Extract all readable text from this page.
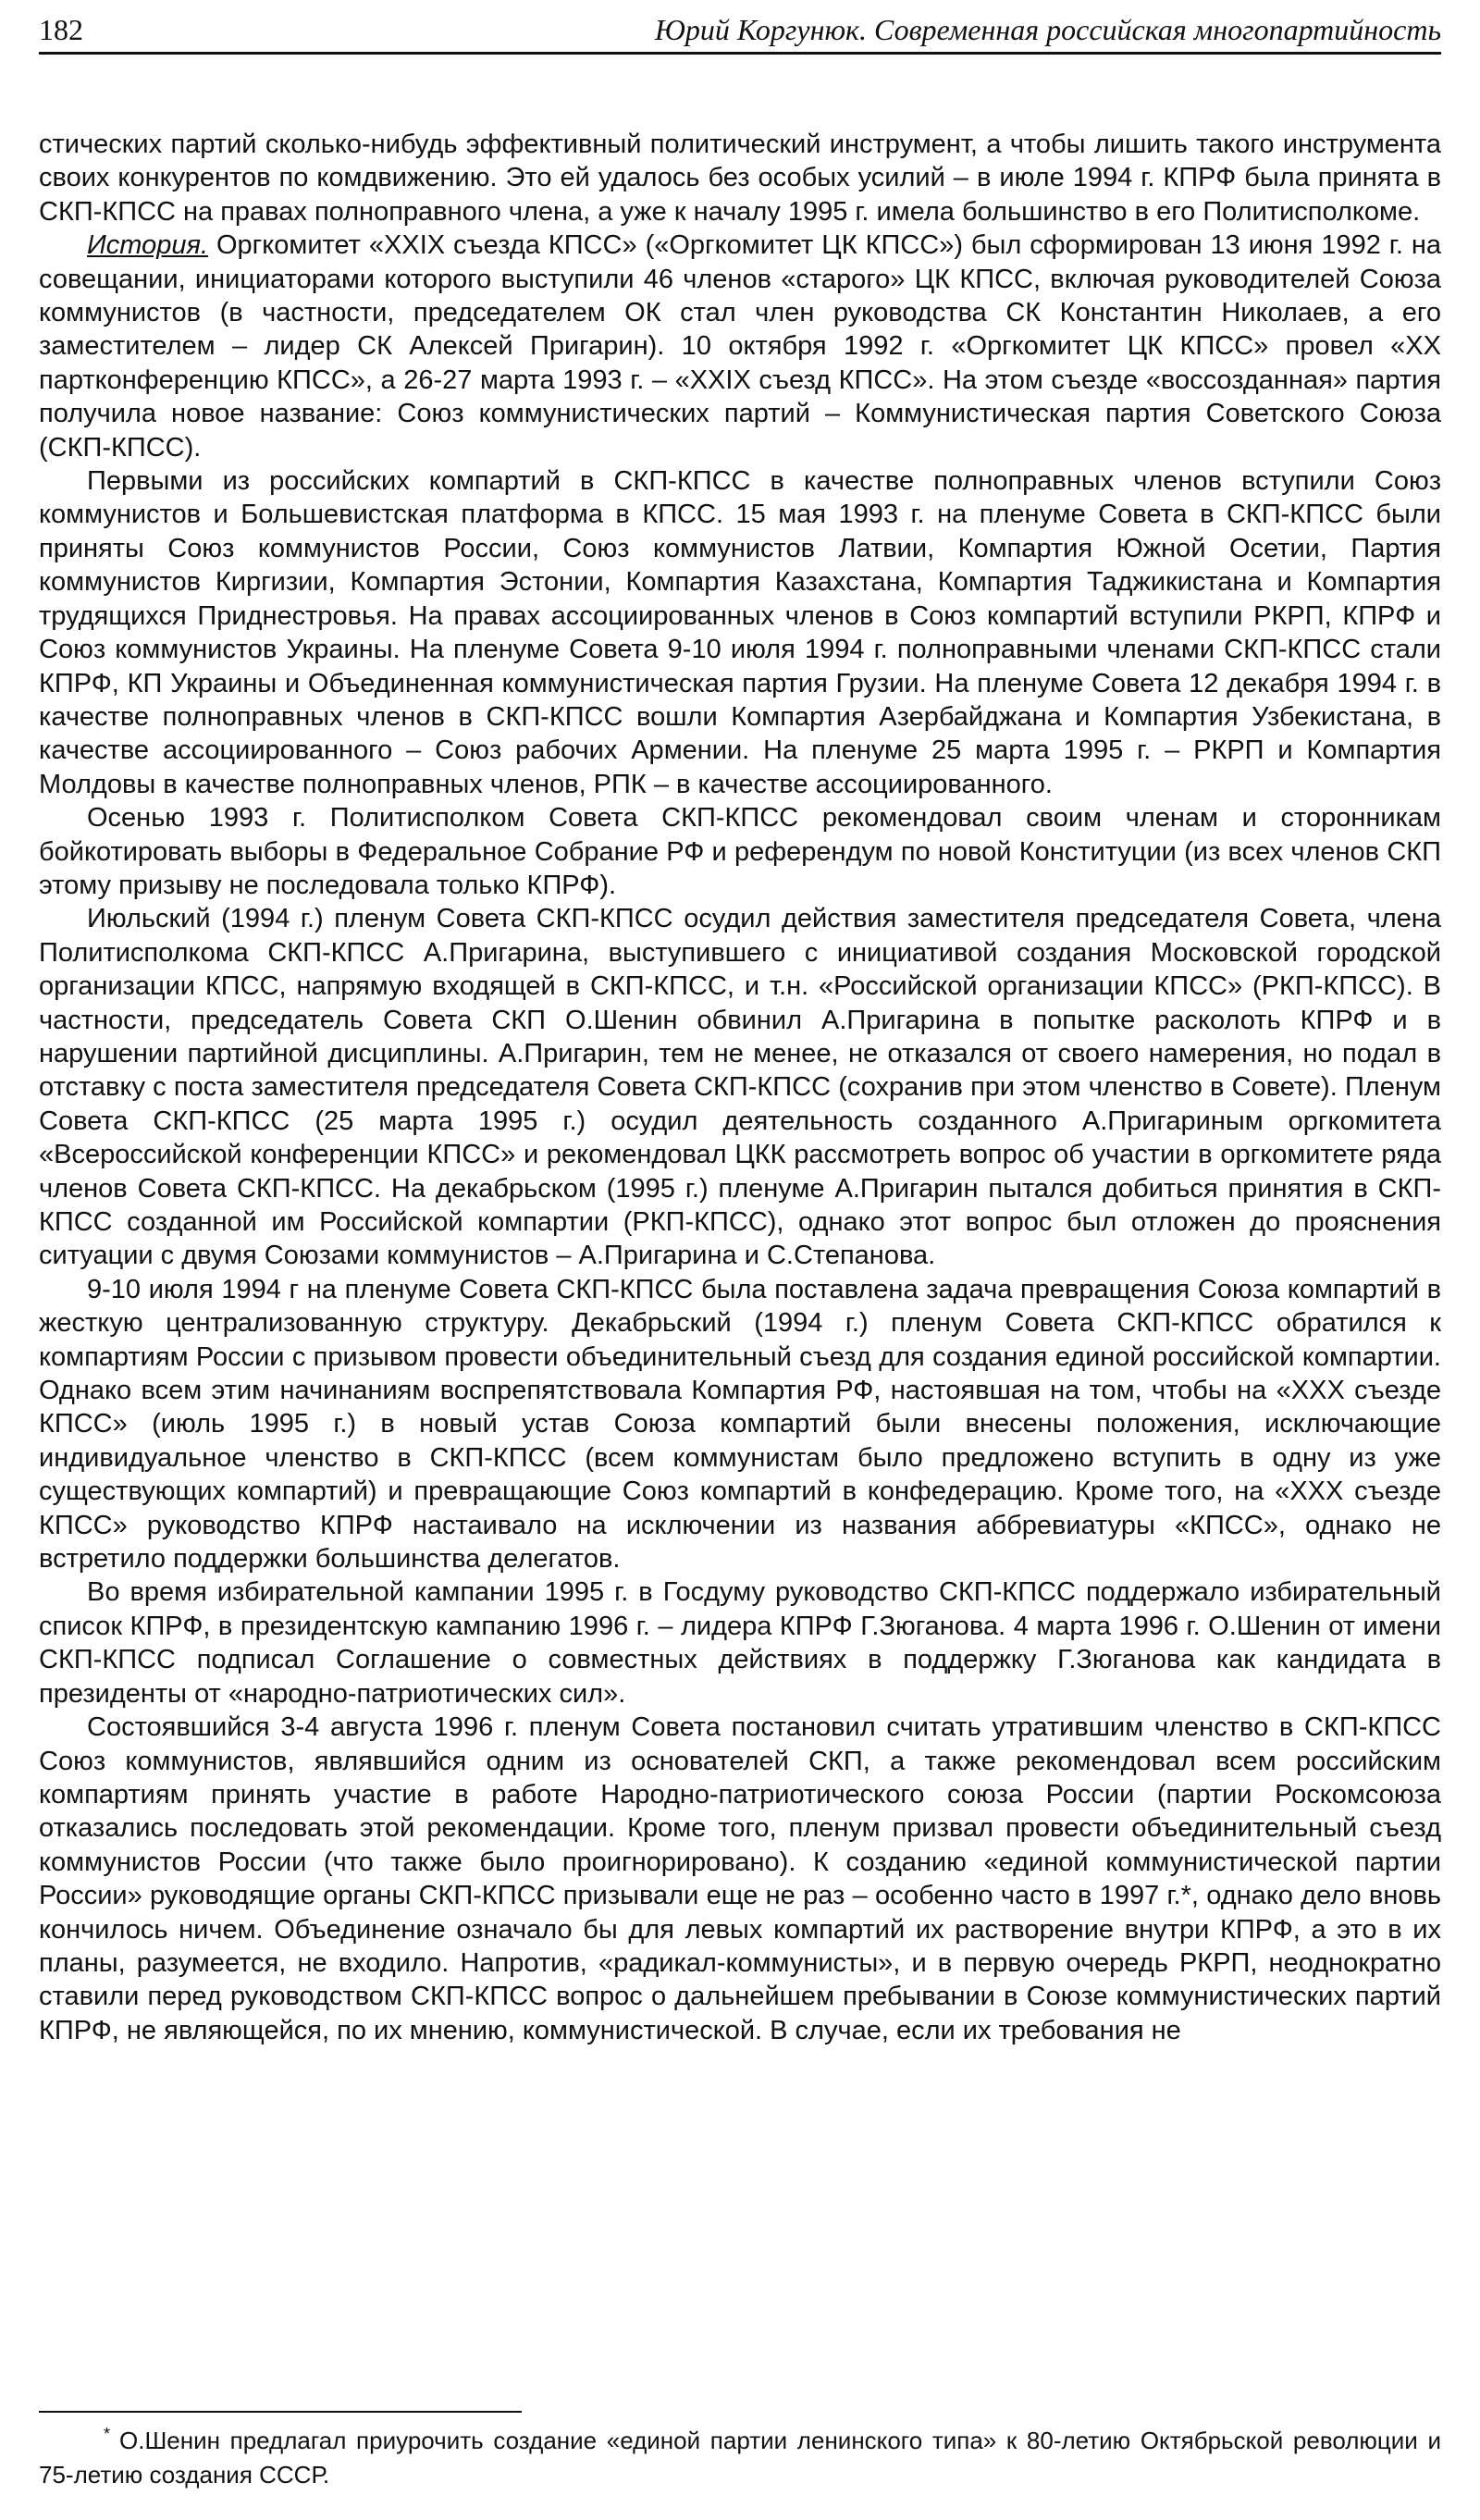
182	Юрий Коргунюк. Современная российская многопартийность

стических партий сколько-нибудь эффективный политический инструмент, а чтобы лишить такого инструмента своих конкурентов по комдвижению. Это ей удалось без особых усилий – в июле 1994 г. КПРФ была принята в СКП-КПСС на правах полноправного члена, а уже к началу 1995 г. имела большинство в его Политисполкоме.

История. Оргкомитет «XXIX съезда КПСС» («Оргкомитет ЦК КПСС») был сформирован 13 июня 1992 г. на совещании, инициаторами которого выступили 46 членов «старого» ЦК КПСС, включая руководителей Союза коммунистов (в частности, председателем ОК стал член руководства СК Константин Николаев, а его заместителем – лидер СК Алексей Пригарин). 10 октября 1992 г. «Оргкомитет ЦК КПСС» провел «XX партконференцию КПСС», а 26-27 марта 1993 г. – «XXIX съезд КПСС». На этом съезде «воссозданная» партия получила новое название: Союз коммунистических партий – Коммунистическая партия Советского Союза (СКП-КПСС).

Первыми из российских компартий в СКП-КПСС в качестве полноправных членов вступили Союз коммунистов и Большевистская платформа в КПСС. 15 мая 1993 г. на пленуме Совета в СКП-КПСС были приняты Союз коммунистов России, Союз коммунистов Латвии, Компартия Южной Осетии, Партия коммунистов Киргизии, Компартия Эстонии, Компартия Казахстана, Компартия Таджикистана и Компартия трудящихся Приднестровья. На правах ассоциированных членов в Союз компартий вступили РКРП, КПРФ и Союз коммунистов Украины. На пленуме Совета 9-10 июля 1994 г. полноправными членами СКП-КПСС стали КПРФ, КП Украины и Объединенная коммунистическая партия Грузии. На пленуме Совета 12 декабря 1994 г. в качестве полноправных членов в СКП-КПСС вошли Компартия Азербайджана и Компартия Узбекистана, в качестве ассоциированного – Союз рабочих Армении. На пленуме 25 марта 1995 г. – РКРП и Компартия Молдовы в качестве полноправных членов, РПК – в качестве ассоциированного.

Осенью 1993 г. Политисполком Совета СКП-КПСС рекомендовал своим членам и сторонникам бойкотировать выборы в Федеральное Собрание РФ и референдум по новой Конституции (из всех членов СКП этому призыву не последовала только КПРФ).

Июльский (1994 г.) пленум Совета СКП-КПСС осудил действия заместителя председателя Совета, члена Политисполкома СКП-КПСС А.Пригарина, выступившего с инициативой создания Московской городской организации КПСС, напрямую входящей в СКП-КПСС, и т.н. «Российской организации КПСС» (РКП-КПСС). В частности, председатель Совета СКП О.Шенин обвинил А.Пригарина в попытке расколоть КПРФ и в нарушении партийной дисциплины. А.Пригарин, тем не менее, не отказался от своего намерения, но подал в отставку с поста заместителя председателя Совета СКП-КПСС (сохранив при этом членство в Совете). Пленум Совета СКП-КПСС (25 марта 1995 г.) осудил деятельность созданного А.Пригариным оргкомитета «Всероссийской конференции КПСС» и рекомендовал ЦКК рассмотреть вопрос об участии в оргкомитете ряда членов Совета СКП-КПСС. На декабрьском (1995 г.) пленуме А.Пригарин пытался добиться принятия в СКП-КПСС созданной им Российской компартии (РКП-КПСС), однако этот вопрос был отложен до прояснения ситуации с двумя Союзами коммунистов – А.Пригарина и С.Степанова.

9-10 июля 1994 г на пленуме Совета СКП-КПСС была поставлена задача превращения Союза компартий в жесткую централизованную структуру. Декабрьский (1994 г.) пленум Совета СКП-КПСС обратился к компартиям России с призывом провести объединительный съезд для создания единой российской компартии. Однако всем этим начинаниям воспрепятствовала Компартия РФ, настоявшая на том, чтобы на «XXX съезде КПСС» (июль 1995 г.) в новый устав Союза компартий были внесены положения, исключающие индивидуальное членство в СКП-КПСС (всем коммунистам было предложено вступить в одну из уже существующих компартий) и превращающие Союз компартий в конфедерацию. Кроме того, на «XXX съезде КПСС» руководство КПРФ настаивало на исключении из названия аббревиатуры «КПСС», однако не встретило поддержки большинства делегатов.

Во время избирательной кампании 1995 г. в Госдуму руководство СКП-КПСС поддержало избирательный список КПРФ, в президентскую кампанию 1996 г. – лидера КПРФ Г.Зюганова. 4 марта 1996 г. О.Шенин от имени СКП-КПСС подписал Соглашение о совместных действиях в поддержку Г.Зюганова как кандидата в президенты от «народно-патриотических сил».

Состоявшийся 3-4 августа 1996 г. пленум Совета постановил считать утратившим членство в СКП-КПСС Союз коммунистов, являвшийся одним из основателей СКП, а также рекомендовал всем российским компартиям принять участие в работе Народно-патриотического союза России (партии Роскомсоюза отказались последовать этой рекомендации. Кроме того, пленум призвал провести объединительный съезд коммунистов России (что также было проигнорировано). К созданию «единой коммунистической партии России» руководящие органы СКП-КПСС призывали еще не раз – особенно часто в 1997 г.*, однако дело вновь кончилось ничем. Объединение означало бы для левых компартий их растворение внутри КПРФ, а это в их планы, разумеется, не входило. Напротив, «радикал-коммунисты», и в первую очередь РКРП, неоднократно ставили перед руководством СКП-КПСС вопрос о дальнейшем пребывании в Союзе коммунистических партий КПРФ, не являющейся, по их мнению, коммунистической. В случае, если их требования не

* О.Шенин предлагал приурочить создание «единой партии ленинского типа» к 80-летию Октябрьской революции и 75-летию создания СССР.
